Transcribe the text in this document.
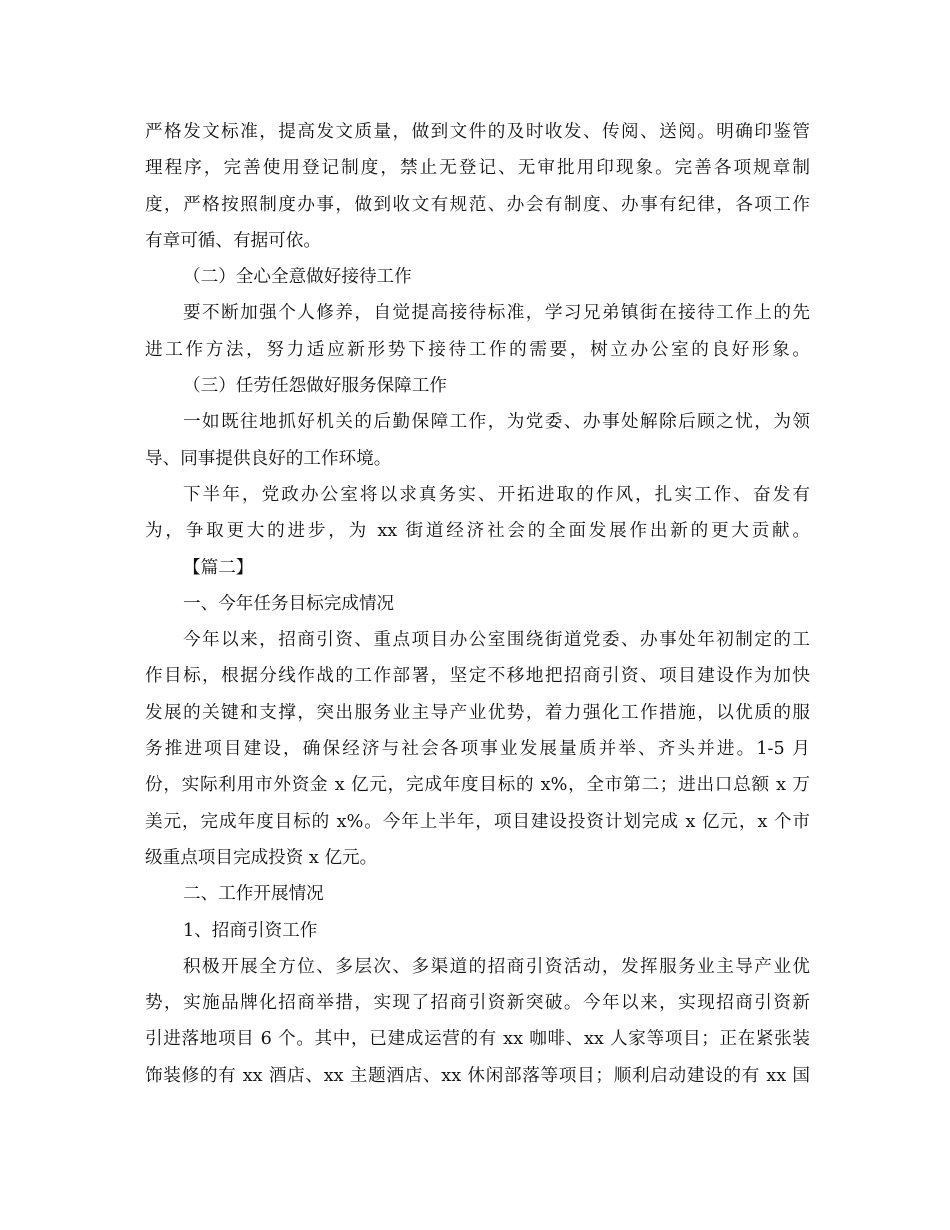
严格发文标准，提高发文质量，做到文件的及时收发、传阅、送阅。明确印鉴管
理程序，完善使用登记制度，禁止无登记、无审批用印现象。完善各项规章制
度，严格按照制度办事，做到收文有规范、办会有制度、办事有纪律，各项工作
有章可循、有据可依。
（二）全心全意做好接待工作
要不断加强个人修养，自觉提高接待标准，学习兄弟镇街在接待工作上的先
进工作方法，努力适应新形势下接待工作的需要，树立办公室的良好形象。
（三）任劳任怨做好服务保障工作
一如既往地抓好机关的后勤保障工作，为党委、办事处解除后顾之忧，为领
导、同事提供良好的工作环境。
下半年，党政办公室将以求真务实、开拓进取的作风，扎实工作、奋发有
为，争取更大的进步，为 xx 街道经济社会的全面发展作出新的更大贡献。
【篇二】
一、今年任务目标完成情况
今年以来，招商引资、重点项目办公室围绕街道党委、办事处年初制定的工
作目标，根据分线作战的工作部署，坚定不移地把招商引资、项目建设作为加快
发展的关键和支撑，突出服务业主导产业优势，着力强化工作措施，以优质的服
务推进项目建设，确保经济与社会各项事业发展量质并举、齐头并进。1-5 月
份，实际利用市外资金 x 亿元，完成年度目标的 x%，全市第二；进出口总额 x 万
美元，完成年度目标的 x%。今年上半年，项目建设投资计划完成 x 亿元，x 个市
级重点项目完成投资 x 亿元。
二、工作开展情况
1、招商引资工作
积极开展全方位、多层次、多渠道的招商引资活动，发挥服务业主导产业优
势，实施品牌化招商举措，实现了招商引资新突破。今年以来，实现招商引资新
引进落地项目 6 个。其中，已建成运营的有 xx 咖啡、xx 人家等项目；正在紧张装
饰装修的有 xx 酒店、xx 主题酒店、xx 休闲部落等项目；顺利启动建设的有 xx 国
